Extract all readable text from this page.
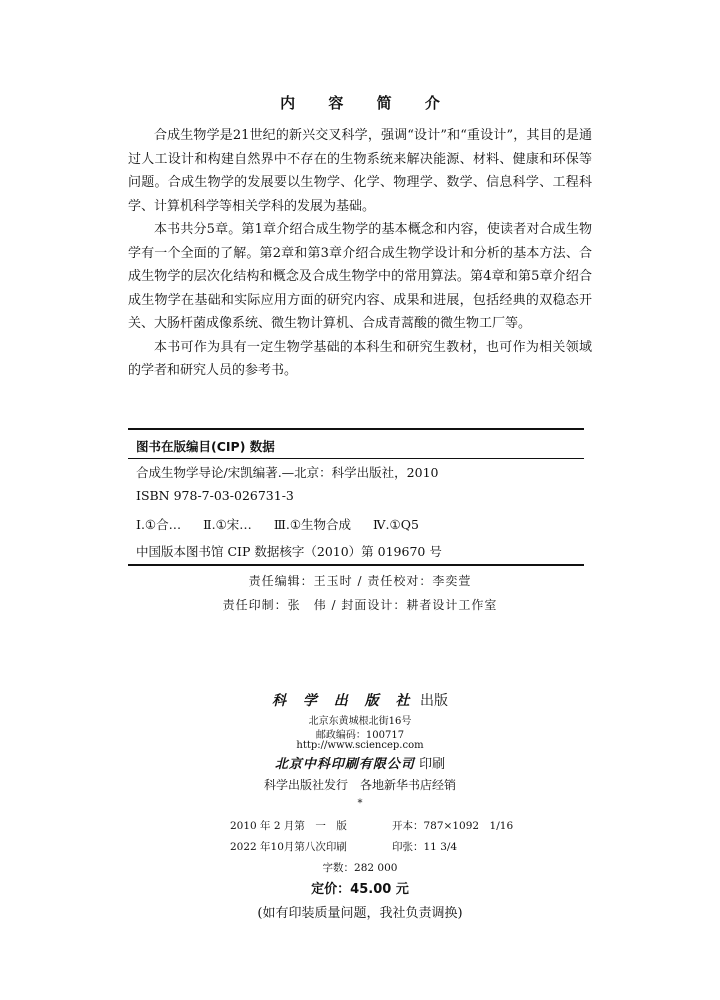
内 容 简 介

合成生物学是21世纪的新兴交叉科学，强调“设计”和“重设计”，其目的是通过人工设计和构建自然界中不存在的生物系统来解决能源、材料、健康和环保等问题。合成生物学的发展要以生物学、化学、物理学、数学、信息科学、工程科学、计算机科学等相关学科的发展为基础。

本书共分5章。第1章介绍合成生物学的基本概念和内容，使读者对合成生物学有一个全面的了解。第2章和第3章介绍合成生物学设计和分析的基本方法、合成生物学的层次化结构和概念及合成生物学中的常用算法。第4章和第5章介绍合成生物学在基础和实际应用方面的研究内容、成果和进展，包括经典的双稳态开关、大肠杆菌成像系统、微生物计算机、合成青蒿酸的微生物工厂等。

本书可作为具有一定生物学基础的本科生和研究生教材，也可作为相关领域的学者和研究人员的参考书。

图书在版编目(CIP) 数据
合成生物学导论/宋凯编著.—北京：科学出版社，2010
ISBN 978-7-03-026731-3
Ⅰ.①合… Ⅱ.①宋… Ⅲ.①生物合成 Ⅳ.①Q5
中国版本图书馆 CIP 数据核字（2010）第 019670 号
责任编辑：王玉时 / 责任校对：李奕萱
责任印制：张　伟 / 封面设计：耕者设计工作室
科 学 出 版 社 出版
北京东黄城根北街16号
邮政编码：100717
http://www.sciencep.com
北京中科印刷有限公司 印刷
科学出版社发行　各地新华书店经销
*
2010 年 2 月第　一　版	开本：787×1092　1/16
2022 年10月第八次印刷	印张：11 3/4
字数：282 000
定价：45.00 元
(如有印装质量问题，我社负责调换)
